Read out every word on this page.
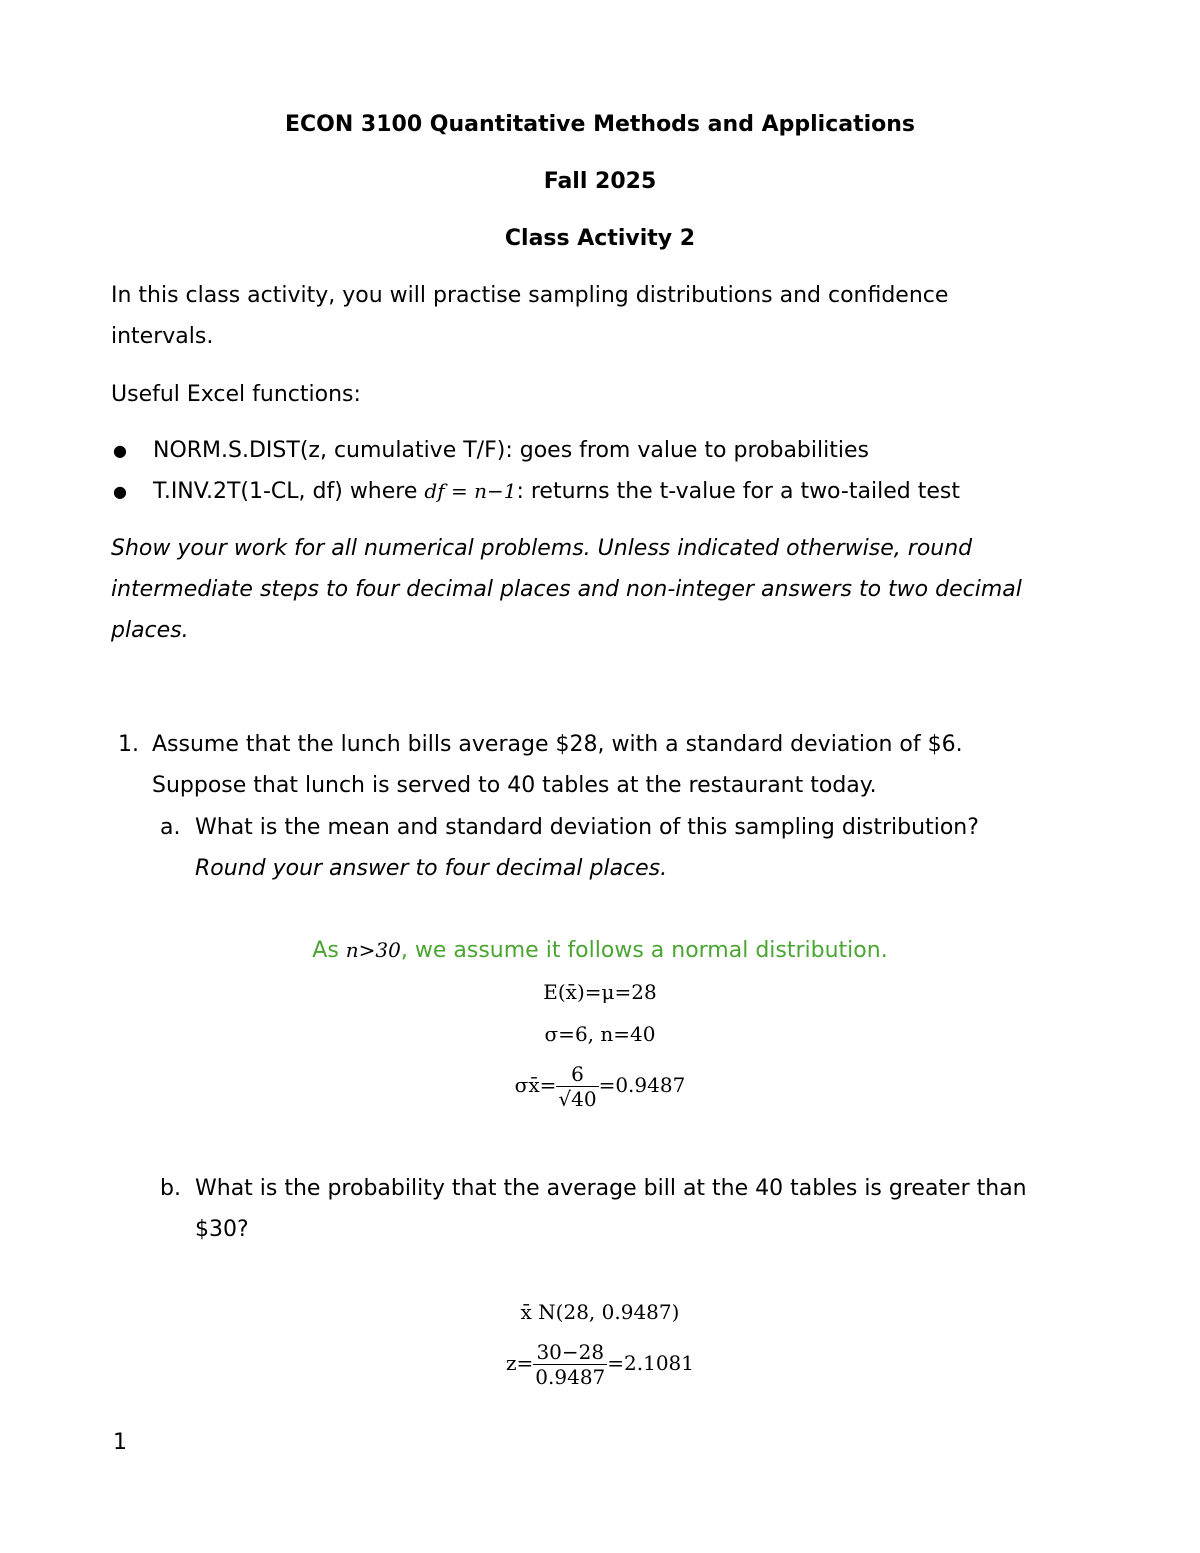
ECON 3100 Quantitative Methods and Applications
Fall 2025
Class Activity 2
In this class activity, you will practise sampling distributions and confidence
intervals.
Useful Excel functions:
● NORM.S.DIST(z, cumulative T/F): goes from value to probabilities
● T.INV.2T(1-CL, df) where df = n−1: returns the t-value for a two-tailed test
Show your work for all numerical problems. Unless indicated otherwise, round
intermediate steps to four decimal places and non-integer answers to two decimal
places.
1. Assume that the lunch bills average $28, with a standard deviation of $6.
Suppose that lunch is served to 40 tables at the restaurant today.
a. What is the mean and standard deviation of this sampling distribution?
Round your answer to four decimal places.
As n>30, we assume it follows a normal distribution.
E(x̄)=μ=28
σ=6, n=40
σx̄= $\frac{6}{√40} =0.9487$
b. What is the probability that the average bill at the 40 tables is greater than
$30?
x̄ N(28, 0.9487)
$z= \frac{30-28}{0.9487} =2.1081$
1
